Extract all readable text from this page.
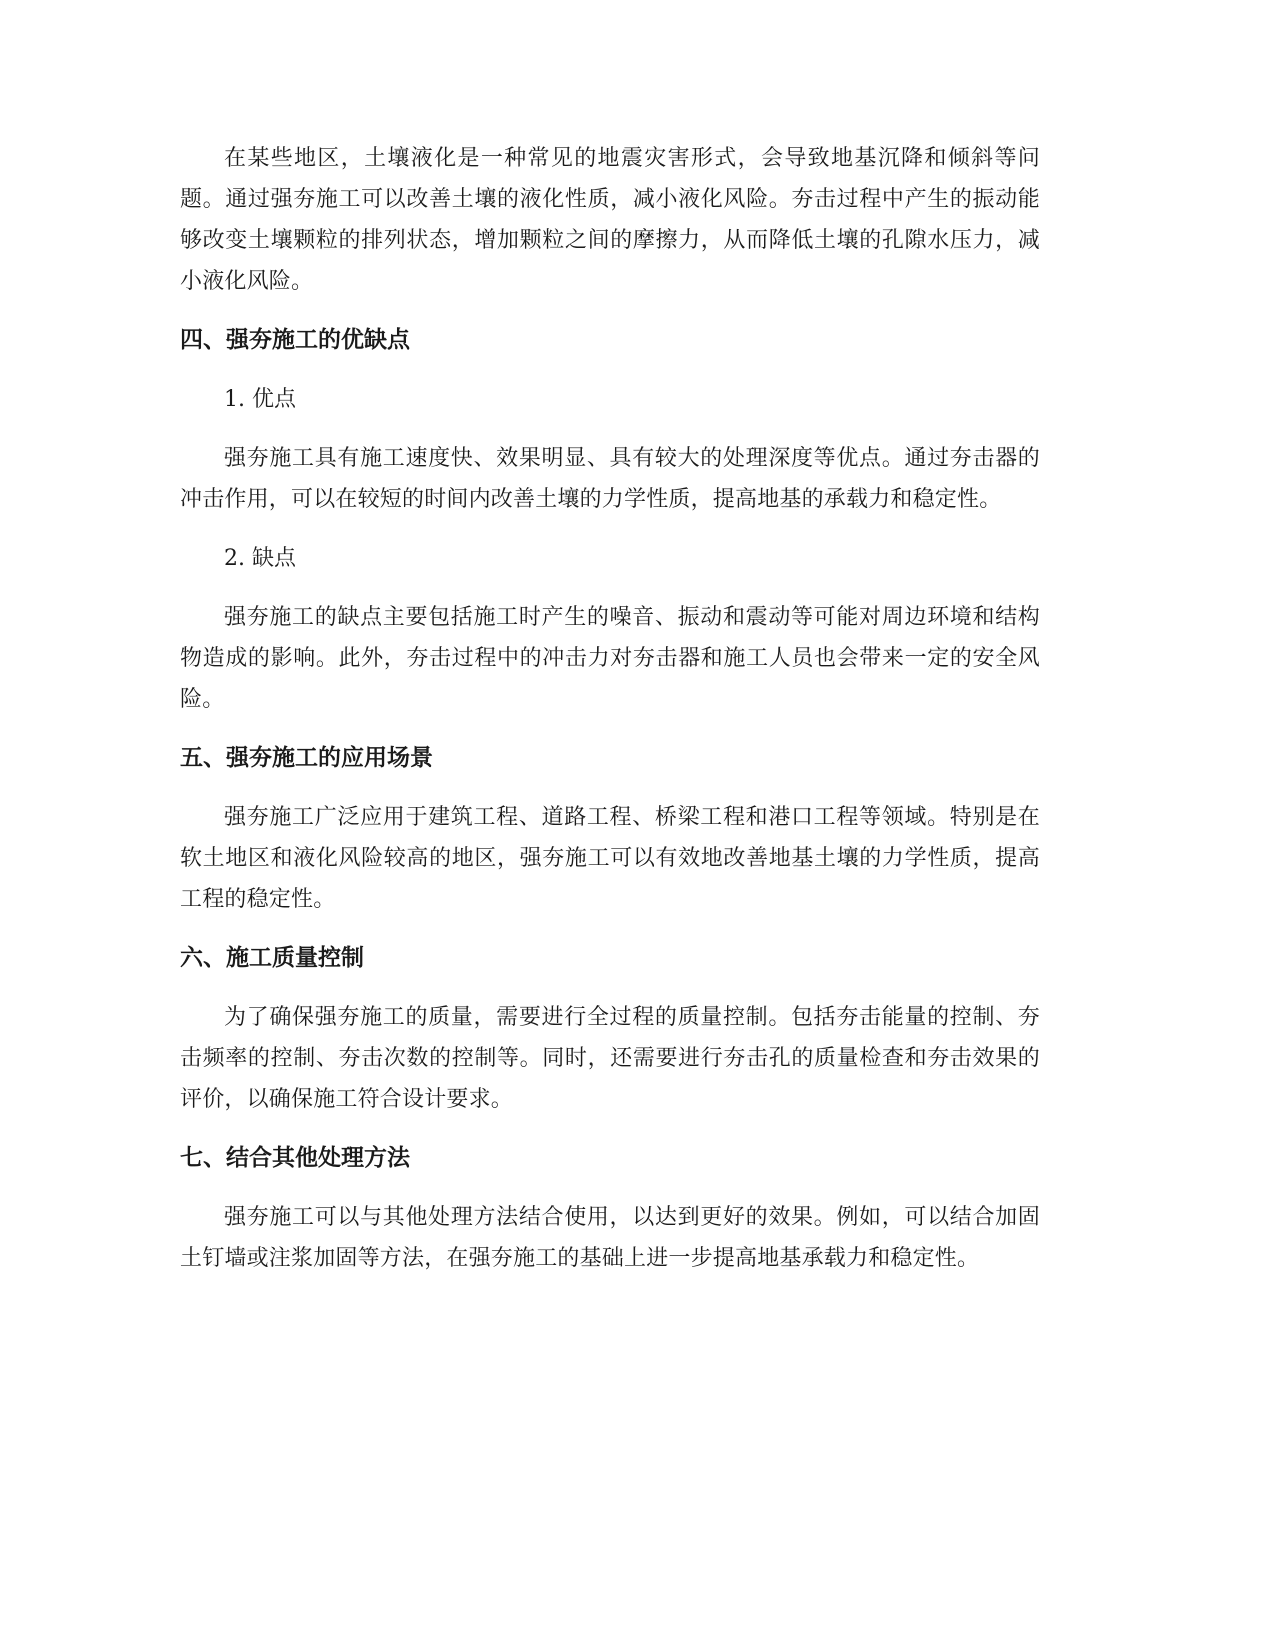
在某些地区，土壤液化是一种常见的地震灾害形式，会导致地基沉降和倾斜等问题。通过强夯施工可以改善土壤的液化性质，减小液化风险。夯击过程中产生的振动能够改变土壤颗粒的排列状态，增加颗粒之间的摩擦力，从而降低土壤的孔隙水压力，减小液化风险。

四、强夯施工的优缺点

1. 优点

强夯施工具有施工速度快、效果明显、具有较大的处理深度等优点。通过夯击器的冲击作用，可以在较短的时间内改善土壤的力学性质，提高地基的承载力和稳定性。

2. 缺点

强夯施工的缺点主要包括施工时产生的噪音、振动和震动等可能对周边环境和结构物造成的影响。此外，夯击过程中的冲击力对夯击器和施工人员也会带来一定的安全风险。

五、强夯施工的应用场景

强夯施工广泛应用于建筑工程、道路工程、桥梁工程和港口工程等领域。特别是在软土地区和液化风险较高的地区，强夯施工可以有效地改善地基土壤的力学性质，提高工程的稳定性。

六、施工质量控制

为了确保强夯施工的质量，需要进行全过程的质量控制。包括夯击能量的控制、夯击频率的控制、夯击次数的控制等。同时，还需要进行夯击孔的质量检查和夯击效果的评价，以确保施工符合设计要求。

七、结合其他处理方法

强夯施工可以与其他处理方法结合使用，以达到更好的效果。例如，可以结合加固土钉墙或注浆加固等方法，在强夯施工的基础上进一步提高地基承载力和稳定性。
